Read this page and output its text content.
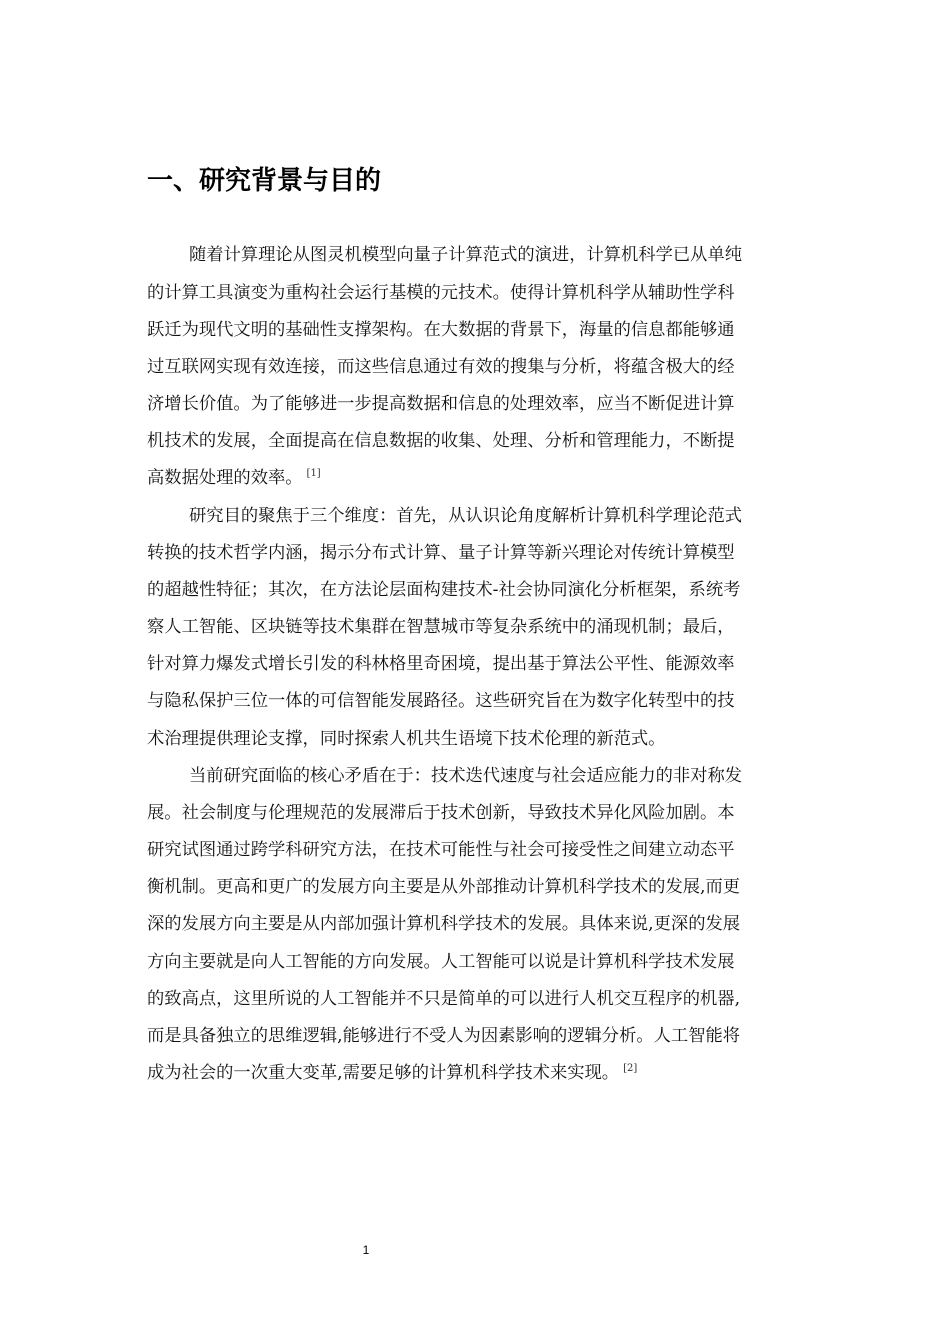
一、研究背景与目的
随着计算理论从图灵机模型向量子计算范式的演进，计算机科学已从单纯
的计算工具演变为重构社会运行基模的元技术。使得计算机科学从辅助性学科
跃迁为现代文明的基础性支撑架构。在大数据的背景下，海量的信息都能够通
过互联网实现有效连接，而这些信息通过有效的搜集与分析，将蕴含极大的经
济增长价值。为了能够进一步提高数据和信息的处理效率，应当不断促进计算
机技术的发展，全面提高在信息数据的收集、处理、分析和管理能力，不断提
高数据处理的效率。 [1]
研究目的聚焦于三个维度：首先，从认识论角度解析计算机科学理论范式
转换的技术哲学内涵，揭示分布式计算、量子计算等新兴理论对传统计算模型
的超越性特征；其次，在方法论层面构建技术-社会协同演化分析框架，系统考
察人工智能、区块链等技术集群在智慧城市等复杂系统中的涌现机制；最后，
针对算力爆发式增长引发的科林格里奇困境，提出基于算法公平性、能源效率
与隐私保护三位一体的可信智能发展路径。这些研究旨在为数字化转型中的技
术治理提供理论支撑，同时探索人机共生语境下技术伦理的新范式。
当前研究面临的核心矛盾在于：技术迭代速度与社会适应能力的非对称发
展。社会制度与伦理规范的发展滞后于技术创新，导致技术异化风险加剧。本
研究试图通过跨学科研究方法，在技术可能性与社会可接受性之间建立动态平
衡机制。更高和更广的发展方向主要是从外部推动计算机科学技术的发展,而更
深的发展方向主要是从内部加强计算机科学技术的发展。具体来说,更深的发展
方向主要就是向人工智能的方向发展。人工智能可以说是计算机科学技术发展
的致高点，这里所说的人工智能并不只是简单的可以进行人机交互程序的机器,
而是具备独立的思维逻辑,能够进行不受人为因素影响的逻辑分析。人工智能将
成为社会的一次重大变革,需要足够的计算机科学技术来实现。 [2]
1
